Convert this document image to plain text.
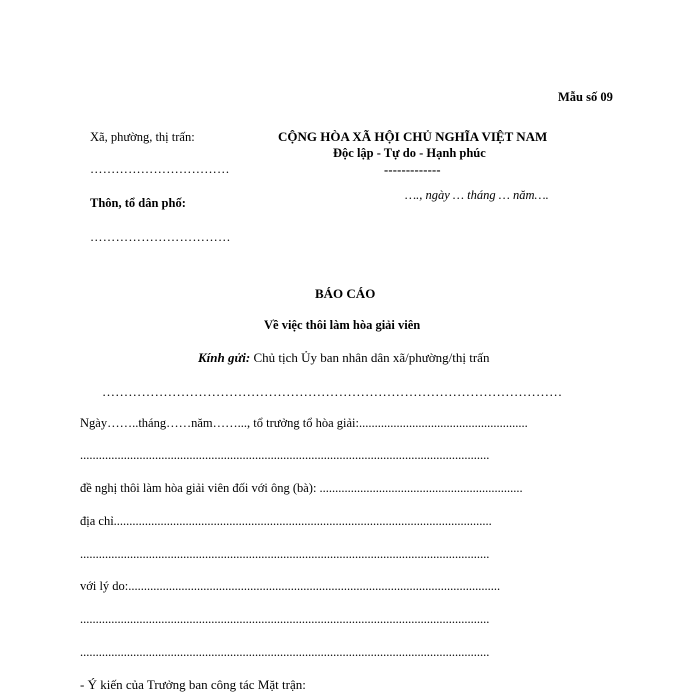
Mẫu số 09
Xã, phường, thị trấn:
……………………………
Thôn, tổ dân phố:
……………………………
CỘNG HÒA XÃ HỘI CHỦ NGHĨA VIỆT NAM
Độc lập - Tự do - Hạnh phúc
-------------
…., ngày … tháng … năm….
BÁO CÁO
Về việc thôi làm hòa giải viên
Kính gửi: Chủ tịch Ủy ban nhân dân xã/phường/thị trấn
……………………………………………………………………………………………
Ngày……..tháng……năm……..., tổ trưởng tổ hòa giải:......................................................
...................................................................................................................................
đề nghị thôi làm hòa giải viên đối với ông (bà): .................................................................
địa chỉ.........................................................................................................................
...................................................................................................................................
với lý do:.......................................................................................................................
...................................................................................................................................
...................................................................................................................................
- Ý kiến của Trưởng ban công tác Mặt trận:
